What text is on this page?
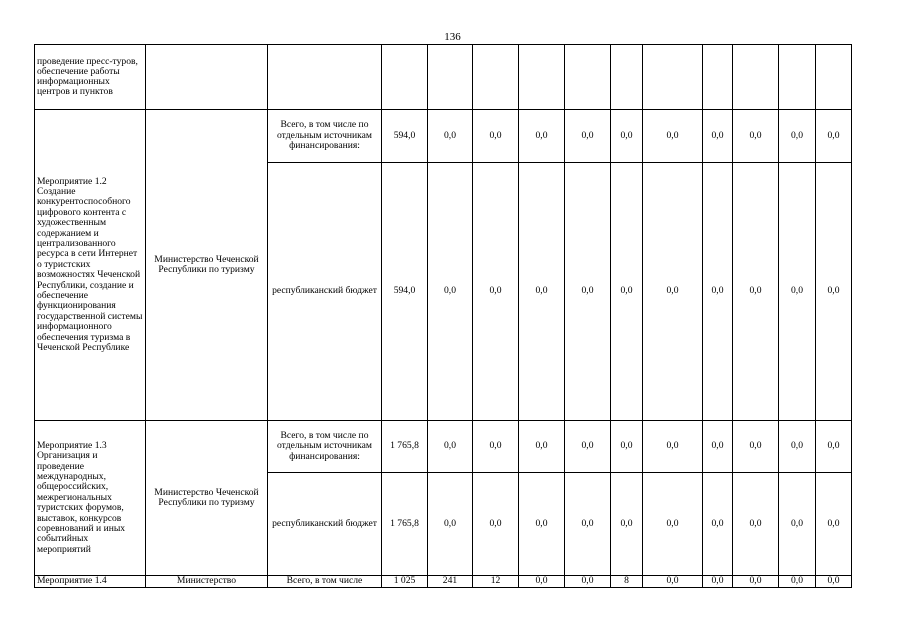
136
проведение пресс-туров, обеспечение работы информационных центров и пунктов													
Мероприятие 1.2 Создание конкурентоспособного цифрового контента с художественным содержанием и централизованного ресурса в сети Интернет о туристских возможностях Чеченской Республики, создание и обеспечение функционирования государственной системы информационного обеспечения туризма в Чеченской Республике	Министерство Чеченской Республики по туризму	Всего, в том числе по отдельным источникам финансирования:	594,0	0,0	0,0	0,0	0,0	0,0	0,0	0,0	0,0	0,0	0,0
		республиканский бюджет	594,0	0,0	0,0	0,0	0,0	0,0	0,0	0,0	0,0	0,0	0,0
Мероприятие 1.3 Организация и проведение международных, общероссийских, межрегиональных туристских форумов, выставок, конкурсов соревнований и иных событийных мероприятий	Министерство Чеченской Республики по туризму	Всего, в том числе по отдельным источникам финансирования:	1 765,8	0,0	0,0	0,0	0,0	0,0	0,0	0,0	0,0	0,0	0,0
		республиканский бюджет	1 765,8	0,0	0,0	0,0	0,0	0,0	0,0	0,0	0,0	0,0	0,0
Мероприятие 1.4	Министерство	Всего, в том числе	1 025	241	12	0,0	0,0	8	0,0	0,0	0,0	0,0	0,0
